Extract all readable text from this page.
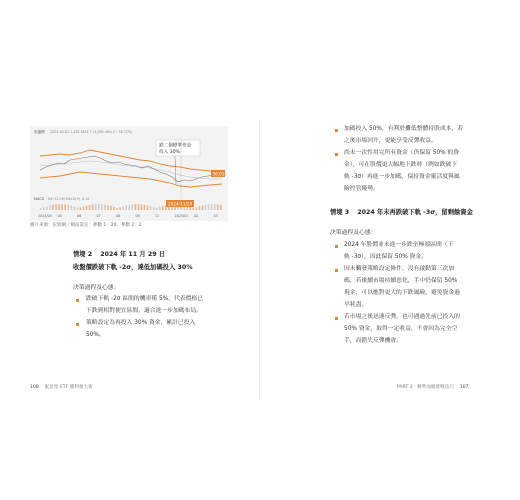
收盤價 2024-04-01 1,402 FASE 7 (2,309.46% 4 : 76.72%)
跌二個標準差是
投入 30%
56.01
2024/11/29
MACD DIF(12,26) MACD(9) -0.19
2024/04 05	06	07	08	09	11	2025/01 02	03
圖片來源：玩股網／網站設定：參數 1：20，參數 2：2
情境 2 2024 年 11 月 29 日
收盤價跌破下軌 -2σ，達低加碼投入 30%
決策過程及心態：
跌破下軌 -2σ 區間的機率僅 5%，代表價格已
下跌到相對便宜區間，適合進一步加碼布局。
策略設定為再投入 30% 資金，累計已投入
50%。
加碼投入 50%，有利於攤低整體持股成本，若
之後市場回升，更能享受反彈收益。
尚未一次性用完所有資金（仍保留 50% 的資
金），可在股價更大幅地下跌時（例如跌破下
軌 -3σ）再進一步加碼，保持資金靈活度與風
險控管優勢。
情境 3 2024 年未再跌破下軌 -3σ，留剩餘資金
決策過程及心態：
2024 年股價並未進一步跌至極端區間（下
軌 -3σ），因此保留 50% 資金。
因未觸發策略設定條件，沒有啟動第三次加
碼，若後續市場持續惡化，手中仍保留 50%
現金，可以應對更大的下跌風險，避免資金過
早耗盡。
若市場之後迅速反彈，也可遇過先前已投入的
50% 資金，取得一定收益，不會因為完全空
手，而錯失反彈機會。
108 配息型 ETF 獲利強大術	PART 2 精準加碼實戰技巧 107
